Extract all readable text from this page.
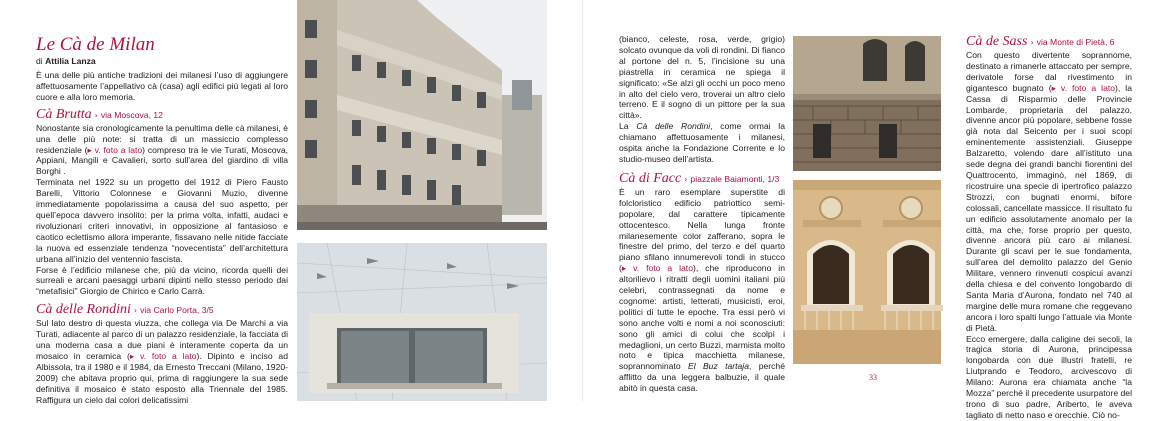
Le Cà de Milan
di Attilia Lanza

È una delle più antiche tradizioni dei milanesi l’uso di aggiungere affettuosamente l’appellativo cà (casa) agli edifici più legati al loro cuore e alla loro memoria.

Cà Brutta › via Moscova, 12

Nonostante sia cronologicamente la penultima delle cà milanesi, è una delle più note: si tratta di un massiccio complesso residenziale (▸ v. foto a lato) compreso tra le vie Turati, Moscova, Appiani, Mangili e Cavalieri, sorto sull’area del giardino di villa Borghi .

Terminata nel 1922 su un progetto del 1912 di Piero Fausto Barelli, Vittorio Colonnese e Giovanni Muzio, divenne immediatamente popolarissima a causa del suo aspetto, per quell’epoca davvero insolito: per la prima volta, infatti, audaci e rivoluzionari criteri innovativi, in opposizione al fantasioso e caotico eclettismo allora imperante, fissavano nelle nitide facciate la nuova ed essenziale tendenza “novecentista” dell’architettura urbana all’inizio del ventennio fascista.

Forse è l’edificio milanese che, più da vicino, ricorda quelli dei surreali e arcani paesaggi urbani dipinti nello stesso periodo dai “metafisici” Giorgio de Chirico e Carlo Carrà.

Cà delle Rondini › via Carlo Porta, 3/5

Sul lato destro di questa viuzza, che collega via De Marchi a via Turati, adiacente al parco di un palazzo residenziale, la facciata di una moderna casa a due piani è interamente coperta da un mosaico in ceramica (▸ v. foto a lato). Dipinto e inciso ad Albissola, tra il 1980 e il 1984, da Ernesto Treccani (Milano, 1920-2009) che abitava proprio qui, prima di raggiungere la sua sede definitiva il mosaico è stato esposto alla Triennale del 1985. Raffigura un cielo dai colori delicatissimi

(bianco, celeste, rosa, verde, grigio) solcato ovunque da voli di rondini. Di fianco al portone del n. 5, l’incisione su una piastrella in ceramica ne spiega il significato: «Se alzi gli occhi un poco meno in alto del cielo vero, troverai un altro cielo terreno. E il sogno di un pittore per la sua città».

La Cà delle Rondini, come ormai la chiamano affettuosamente i milanesi, ospita anche la Fondazione Corrente e lo studio-museo dell’artista.

Cà di Facc › piazzale Baiamonti, 1/3

È un raro esemplare superstite di folcloristico edificio patriottico semi-popolare, dal carattere tipicamente ottocentesco. Nella lunga fronte milanesemente color zafferano, sopra le finestre del primo, del terzo e del quarto piano sfilano innumerevoli tondi in stucco (▸ v. foto a lato), che riproducono in altorilievo i ritratti degli uomini italiani più celebri, contrassegnati da nome e cognome: artisti, letterati, musicisti, eroi, politici di tutte le epoche. Tra essi però vi sono anche volti e nomi a noi sconosciuti: sono gli amici di colui che scolpì i medaglioni, un certo Buzzi, marmista molto noto e tipica macchietta milanese, soprannominato El Buz tartaja, perché afflitto da una leggera balbuzie, il quale abitò in questa casa.

Cà de Sass › via Monte di Pietà, 6

Con questo divertente soprannome, destinato a rimanerle attaccato per sempre, derivatole forse dal rivestimento in gigantesco bugnato (▸ v. foto a lato), la Cassa di Risparmio delle Provincie Lombarde, proprietaria del palazzo, divenne ancor più popolare, sebbene fosse già nota dal Seicento per i suoi scopi eminentemente assistenziali. Giuseppe Balzaretto, volendo dare all’istituto una sede degna dei grandi banchi fiorentini del Quattrocento, immaginò, nel 1869, di ricostruire una specie di ipertrofico palazzo Strozzi, con bugnati enormi, bifore colossali, cancellate massicce. Il risultato fu un edificio assolutamente anomalo per la città, ma che, forse proprio per questo, divenne ancora più caro ai milanesi. Durante gli scavi per le sue fondamenta, sull’area del demolito palazzo del Genio Militare, vennero rinvenuti cospicui avanzi della chiesa e del convento longobardo di Santa Maria d’Aurona, fondato nel 740 al margine delle mura romane che reggevano ancora i loro spalti lungo l’attuale via Monte di Pietà.

Ecco emergere, dalla caligine dei secoli, la tragica storia di Aurona, principessa longobarda con due illustri fratelli, re Liutprando e Teodoro, arcivescovo di Milano: Aurona era chiamata anche “la Mozza” perché il precedente usurpatore del trono di suo padre, Ariberto, le aveva tagliato di netto naso e orecchie. Ciò no-

33
